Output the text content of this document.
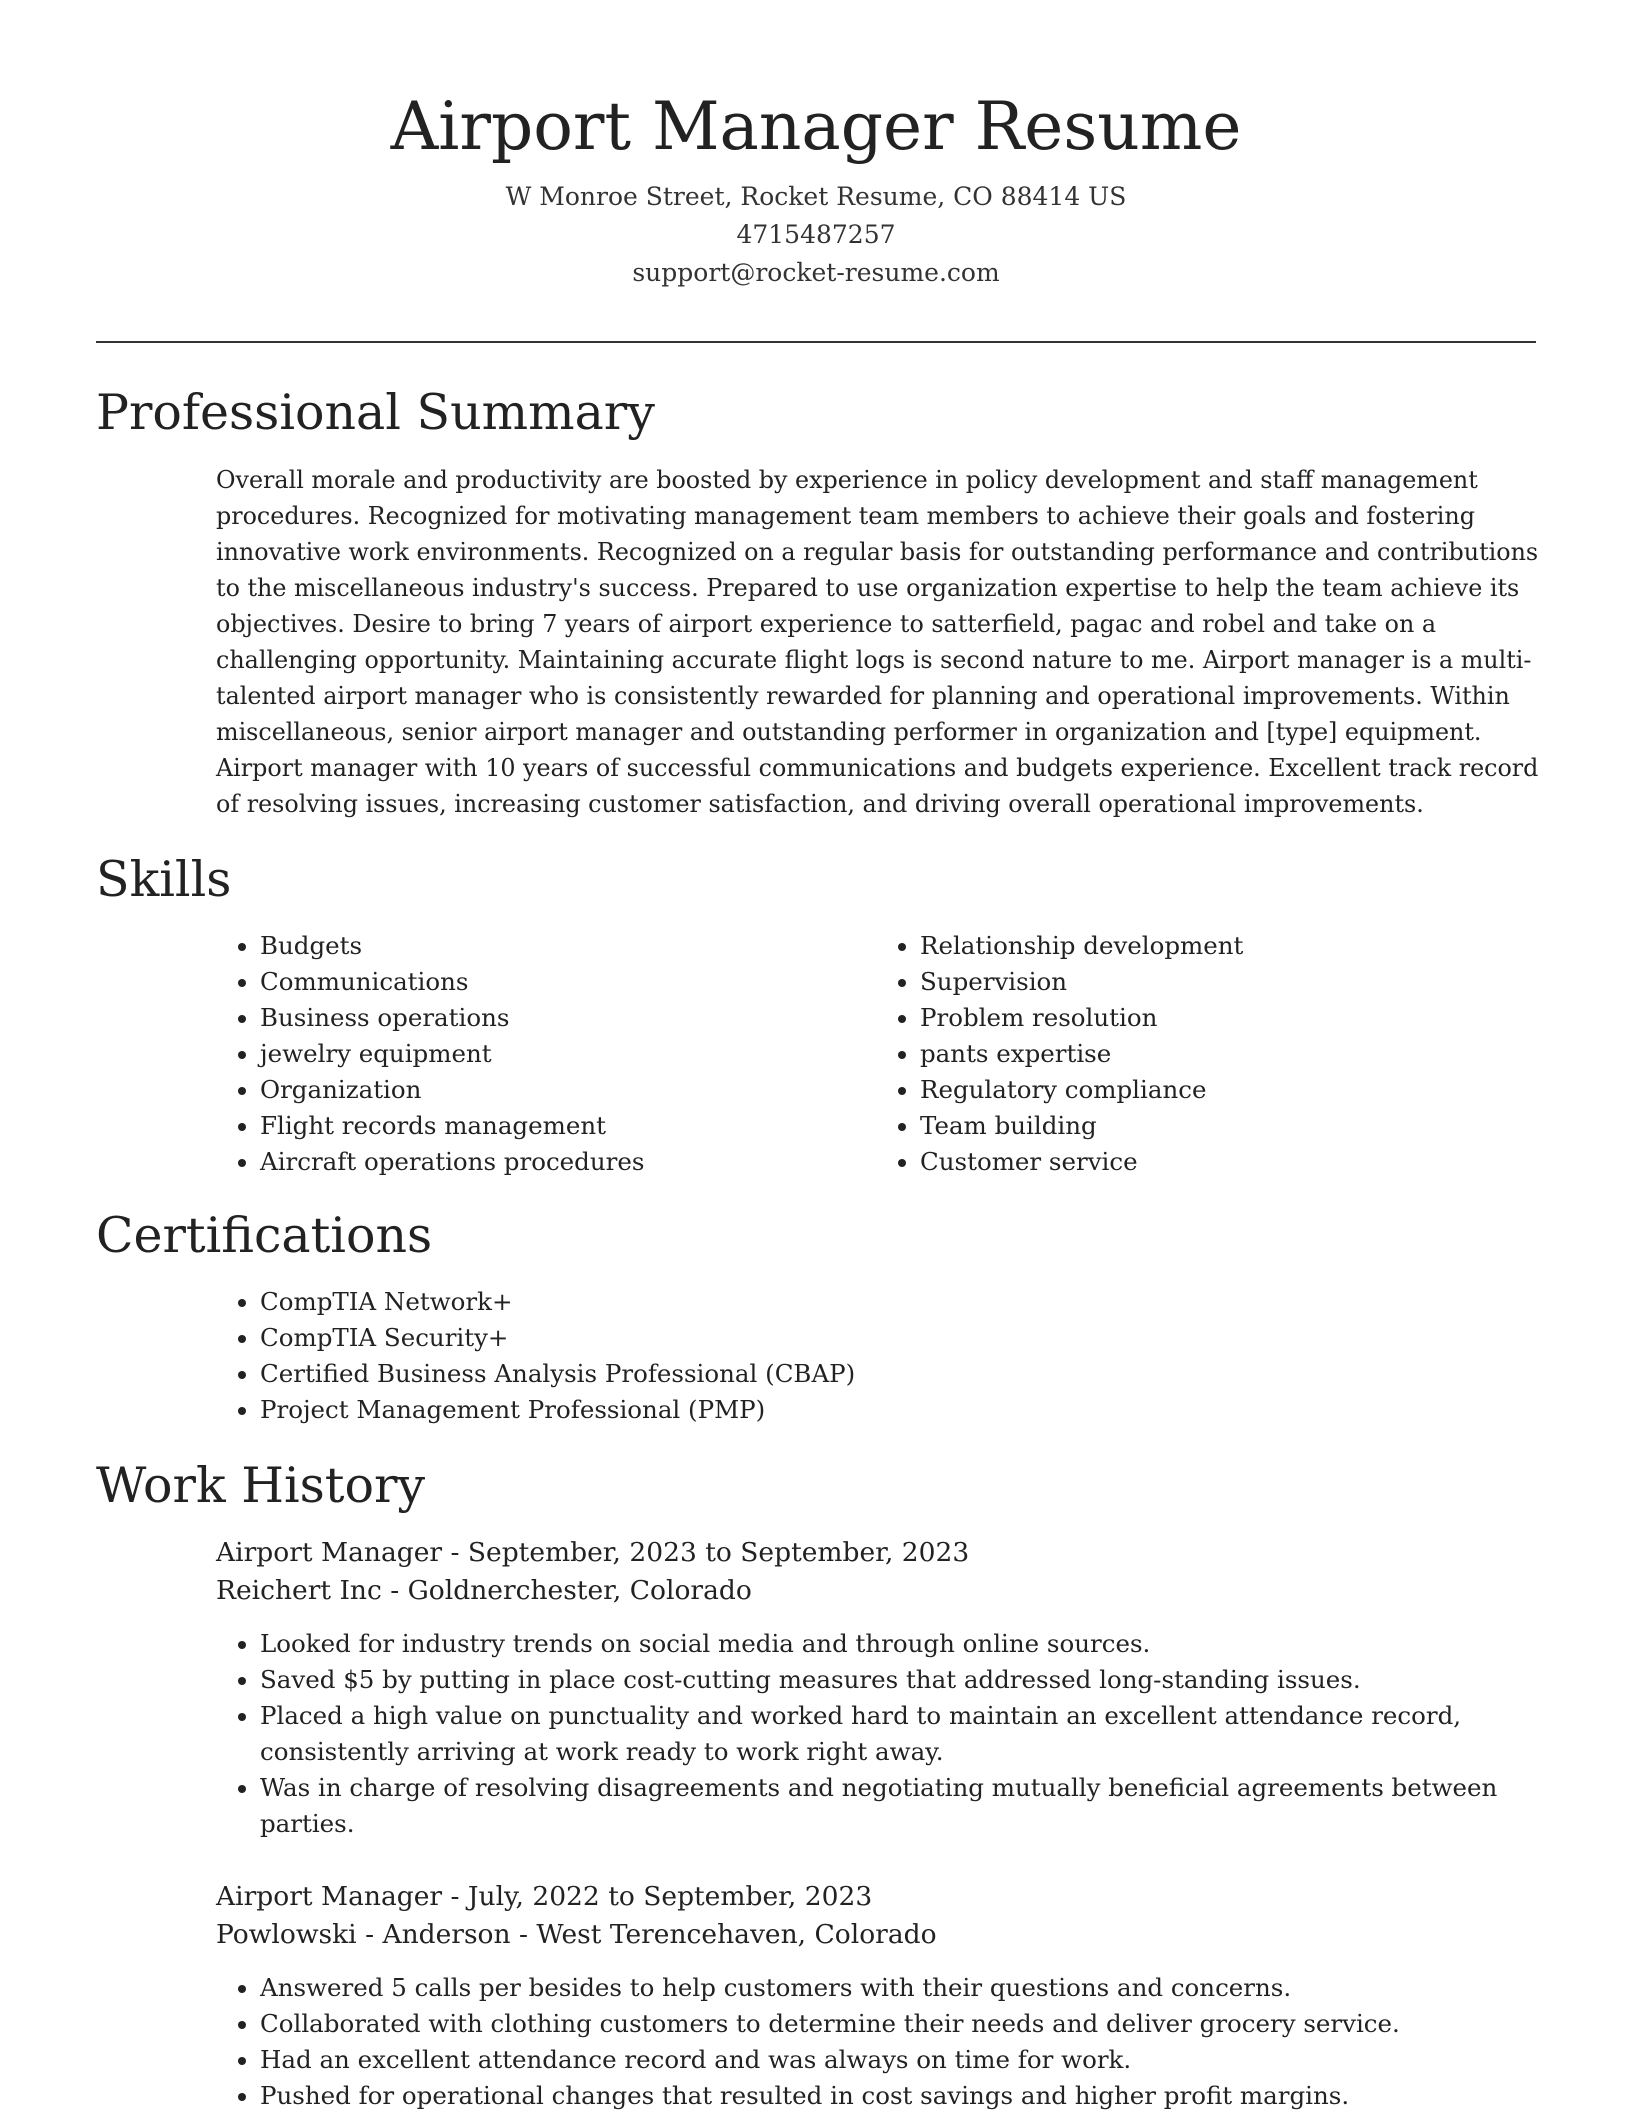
Airport Manager Resume
W Monroe Street, Rocket Resume, CO 88414 US
4715487257
support@rocket-resume.com
Professional Summary
Overall morale and productivity are boosted by experience in policy development and staff management procedures. Recognized for motivating management team members to achieve their goals and fostering innovative work environments. Recognized on a regular basis for outstanding performance and contributions to the miscellaneous industry's success. Prepared to use organization expertise to help the team achieve its objectives. Desire to bring 7 years of airport experience to satterfield, pagac and robel and take on a challenging opportunity. Maintaining accurate flight logs is second nature to me. Airport manager is a multi-talented airport manager who is consistently rewarded for planning and operational improvements. Within miscellaneous, senior airport manager and outstanding performer in organization and [type] equipment. Airport manager with 10 years of successful communications and budgets experience. Excellent track record of resolving issues, increasing customer satisfaction, and driving overall operational improvements.
Skills
• Budgets
• Communications
• Business operations
• jewelry equipment
• Organization
• Flight records management
• Aircraft operations procedures
• Relationship development
• Supervision
• Problem resolution
• pants expertise
• Regulatory compliance
• Team building
• Customer service
Certifications
• CompTIA Network+
• CompTIA Security+
• Certified Business Analysis Professional (CBAP)
• Project Management Professional (PMP)
Work History
Airport Manager - September, 2023 to September, 2023
Reichert Inc - Goldnerchester, Colorado
• Looked for industry trends on social media and through online sources.
• Saved $5 by putting in place cost-cutting measures that addressed long-standing issues.
• Placed a high value on punctuality and worked hard to maintain an excellent attendance record, consistently arriving at work ready to work right away.
• Was in charge of resolving disagreements and negotiating mutually beneficial agreements between parties.
Airport Manager - July, 2022 to September, 2023
Powlowski - Anderson - West Terencehaven, Colorado
• Answered 5 calls per besides to help customers with their questions and concerns.
• Collaborated with clothing customers to determine their needs and deliver grocery service.
• Had an excellent attendance record and was always on time for work.
• Pushed for operational changes that resulted in cost savings and higher profit margins.
